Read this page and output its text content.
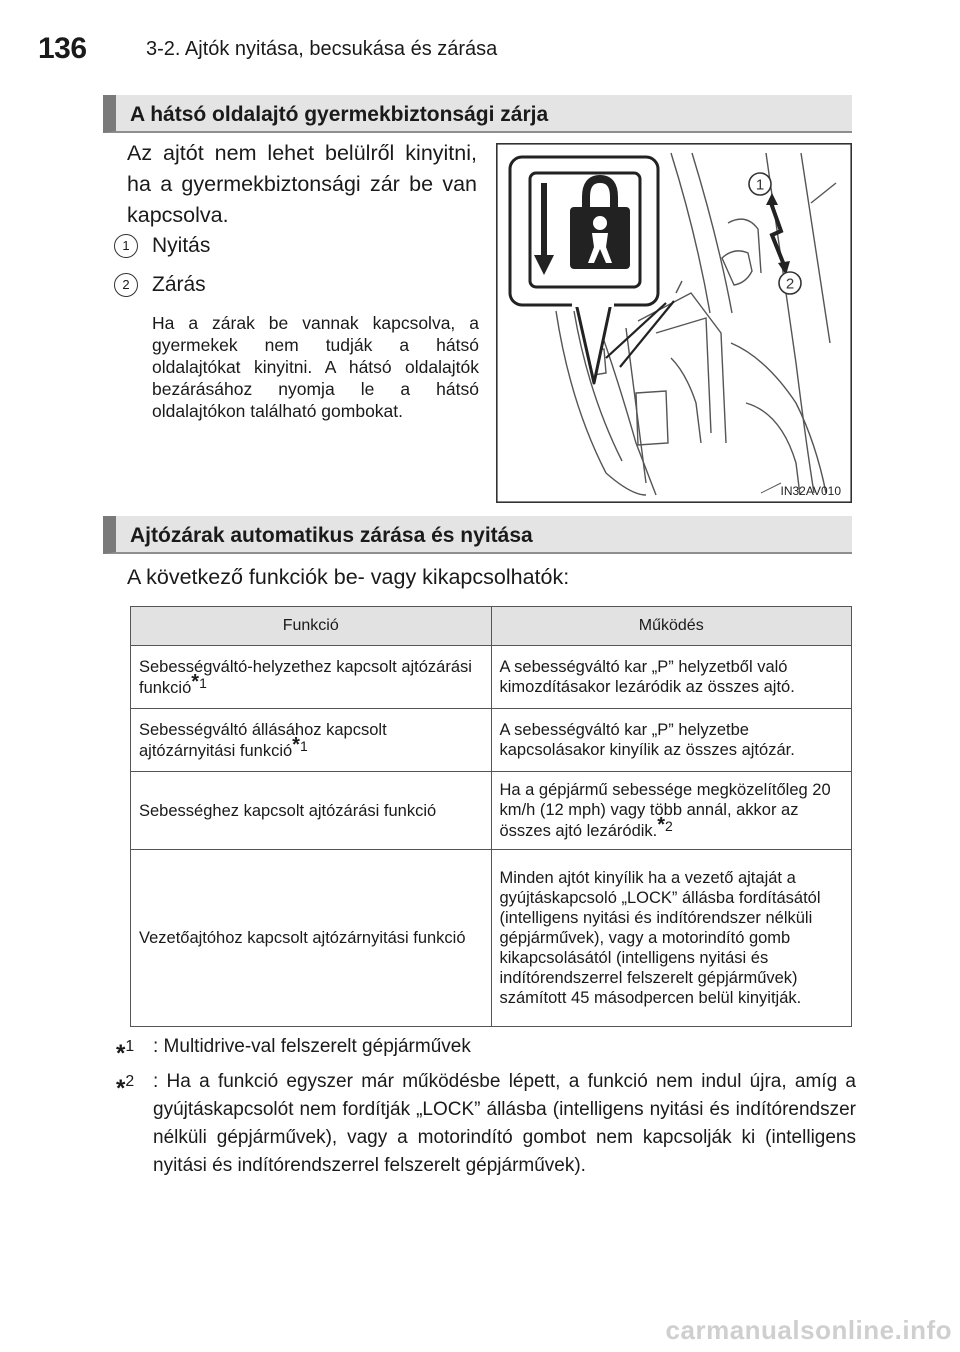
136	3-2. Ajtók nyitása, becsukása és zárása
A hátsó oldalajtó gyermekbiztonsági zárja
Az ajtót nem lehet belülről kinyitni, ha a gyermekbiztonsági zár be van kapcsolva.
1 Nyitás
2 Zárás
Ha a zárak be vannak kapcsolva, a gyermekek nem tudják a hátsó oldalajtókat kinyitni. A hátsó oldalajtók bezárásához nyomja le a hátsó oldalajtókon található gombokat.
1
2
IN32AV010
Ajtózárak automatikus zárása és nyitása
A következő funkciók be- vagy kikapcsolhatók:
Funkció	Működés
Sebességváltó-helyzethez kapcsolt ajtózárási funkció$^{*1}$	A sebességváltó kar „P” helyzetből való kimozdításakor lezáródik az összes ajtó.
Sebességváltó állásához kapcsolt ajtózárnyitási funkció$^{*1}$	A sebességváltó kar „P” helyzetbe kapcsolásakor kinyílik az összes ajtózár.
Sebességhez kapcsolt ajtózárási funkció	Ha a gépjármű sebessége megközelítőleg 20 km/h (12 mph) vagy több annál, akkor az összes ajtó lezáródik.$^{*2}$
Vezetőajtóhoz kapcsolt ajtózárnyitási funkció	Minden ajtót kinyílik ha a vezető ajtaját a gyújtáskapcsoló „LOCK” állásba fordításától (intelligens nyitási és indítórendszer nélküli gépjárművek), vagy a motorindító gomb kikapcsolásától (intelligens nyitási és indítórendszerrel felszerelt gépjárművek) számított 45 másodpercen belül kinyitják.
*$^1$ : Multidrive-val felszerelt gépjárművek
*$^2$ : Ha a funkció egyszer már működésbe lépett, a funkció nem indul újra, amíg a gyújtáskapcsolót nem fordítják „LOCK” állásba (intelligens nyitási és indítórendszer nélküli gépjárművek), vagy a motorindító gombot nem kapcsolják ki (intelligens nyitási és indítórendszerrel felszerelt gépjárművek).
carmanualsonline.info
